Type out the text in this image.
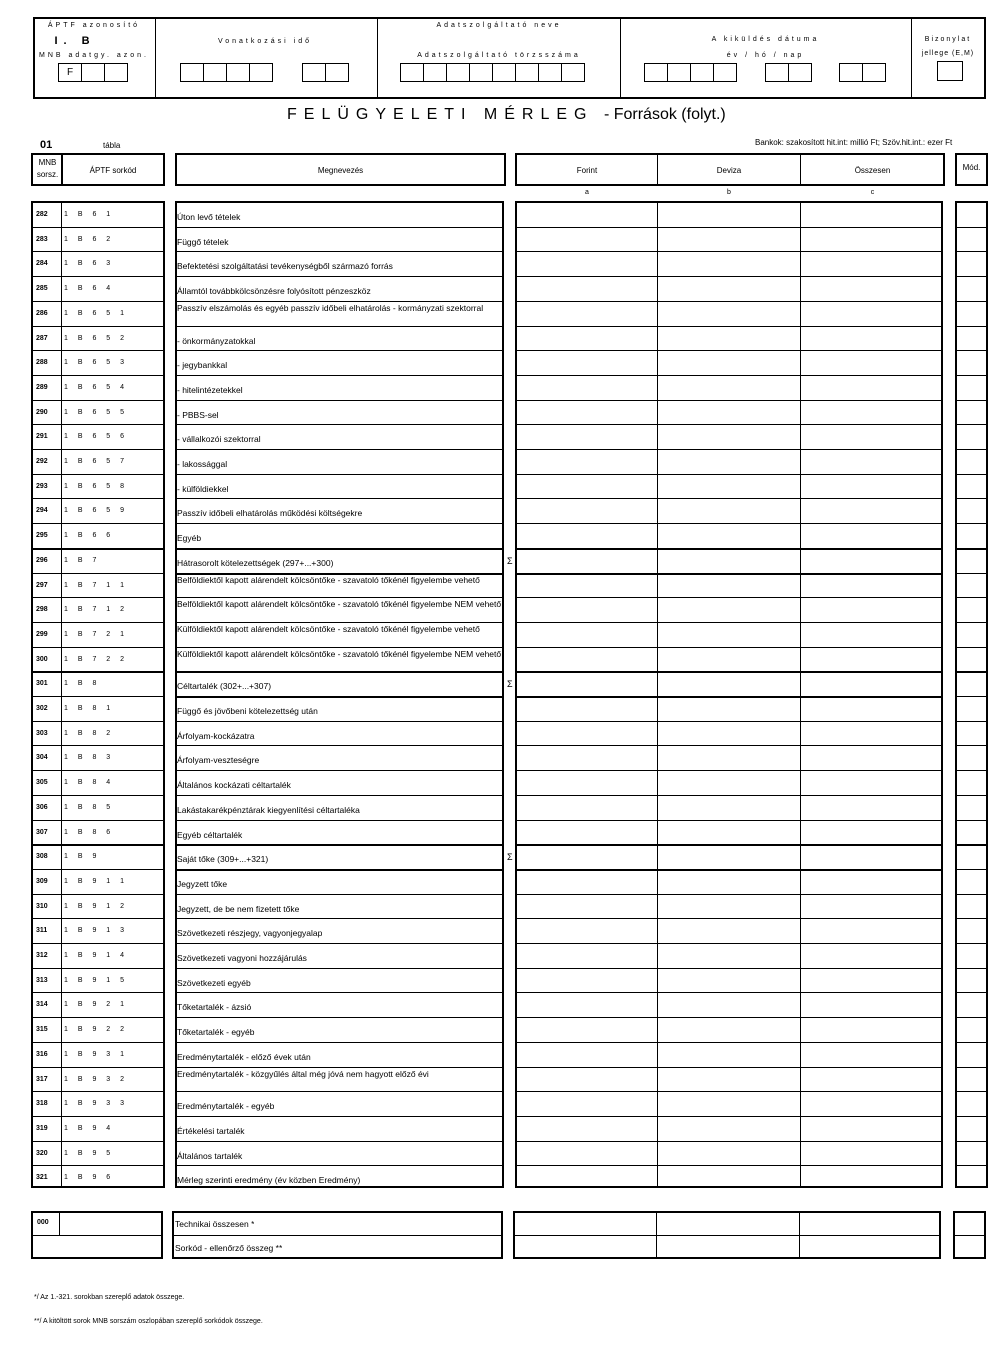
ÁPTF azonosító
I. B
MNB adatgy. azon.
F
Vonatkozási idő
Adatszolgáltató neve
Adatszolgáltató törzsszáma
A kiküldés dátuma
év / hó / nap
Bizonylat
jellege (E,M)
FELÜGYELETI MÉRLEG - Források (folyt.)
01	tábla	Bankok: szakosított hit.int: millió Ft; Szöv.hit.int.: ezer Ft
MNB sorsz.	ÁPTF sorkód	Megnevezés	Forint	Deviza	Összesen	Mód.
a	b	c
282 1 B 6 1	Úton levő tételek
283 1 B 6 2	Függő tételek
284 1 B 6 3	Befektetési szolgáltatási tevékenységből származó forrás
285 1 B 6 4	Államtól továbbkölcsönzésre folyósított pénzeszköz
286 1 B 6 5 1
Passzív elszámolás és egyéb passzív időbeli elhatárolás - kormányzati szektorral
287 1 B 6 5 2	- önkormányzatokkal
288 1 B 6 5 3	- jegybankkal
289 1 B 6 5 4	- hitelintézetekkel
290 1 B 6 5 5	- PBBS-sel
291 1 B 6 5 6	- vállalkozói szektorral
292 1 B 6 5 7	- lakossággal
293 1 B 6 5 8	- külföldiekkel
294 1 B 6 5 9	Passzív időbeli elhatárolás működési költségekre
295 1 B 6 6	Egyéb
296 1 B 7	Hátrasorolt kötelezettségek (297+...+300)	Σ
297 1 B 7 1 1
Belföldiektől kapott alárendelt kölcsöntőke - szavatoló tőkénél figyelembe vehető
298 1 B 7 1 2
Belföldiektől kapott alárendelt kölcsöntőke - szavatoló tőkénél figyelembe NEM vehető
299 1 B 7 2 1
Külföldiektől kapott alárendelt kölcsöntőke - szavatoló tőkénél figyelembe vehető
300 1 B 7 2 2
Külföldiektől kapott alárendelt kölcsöntőke - szavatoló tőkénél figyelembe NEM vehető
301 1 B 8	Céltartalék (302+...+307)	Σ
302 1 B 8 1	Függő és jövőbeni kötelezettség után
303 1 B 8 2	Árfolyam-kockázatra
304 1 B 8 3	Árfolyam-veszteségre
305 1 B 8 4	Általános kockázati céltartalék
306 1 B 8 5	Lakástakarékpénztárak kiegyenlítési céltartaléka
307 1 B 8 6	Egyéb céltartalék
308 1 B 9	Saját tőke (309+...+321)	Σ
309 1 B 9 1 1	Jegyzett tőke
310 1 B 9 1 2	Jegyzett, de be nem fizetett tőke
311 1 B 9 1 3	Szövetkezeti részjegy, vagyonjegyalap
312 1 B 9 1 4	Szövetkezeti vagyoni hozzájárulás
313 1 B 9 1 5	Szövetkezeti egyéb
314 1 B 9 2 1	Tőketartalék - ázsió
315 1 B 9 2 2	Tőketartalék - egyéb
316 1 B 9 3 1	Eredménytartalék - előző évek után
317 1 B 9 3 2
Eredménytartalék - közgyűlés által még jóvá nem hagyott előző évi
318 1 B 9 3 3	Eredménytartalék - egyéb
319 1 B 9 4	Értékelési tartalék
320 1 B 9 5	Általános tartalék
321 1 B 9 6	Mérleg szerinti eredmény (év közben Eredmény)
000	Technikai összesen *
Sorkód - ellenőrző összeg **
*/ Az 1.-321. sorokban szereplő adatok összege.
**/ A kitöltött sorok MNB sorszám oszlopában szereplő sorkódok összege.
